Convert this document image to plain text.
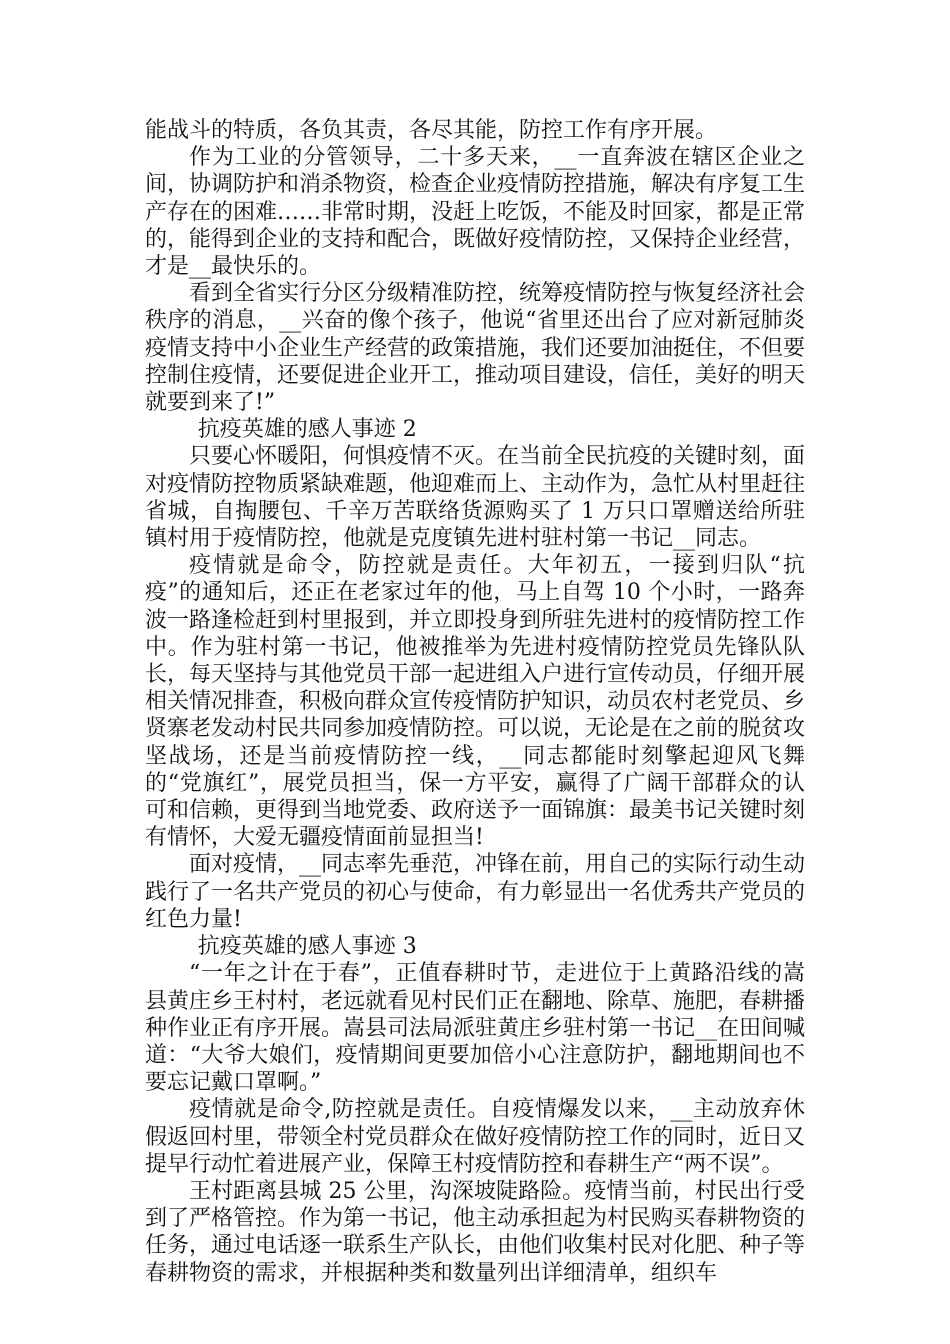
能战斗的特质，各负其责，各尽其能，防控工作有序开展。

作为工业的分管领导，二十多天来，__一直奔波在辖区企业之间，协调防护和消杀物资，检查企业疫情防控措施，解决有序复工生产存在的困难……非常时期，没赶上吃饭，不能及时回家，都是正常的，能得到企业的支持和配合，既做好疫情防控，又保持企业经营，才是__最快乐的。

看到全省实行分区分级精准防控，统筹疫情防控与恢复经济社会秩序的消息，__兴奋的像个孩子，他说“省里还出台了应对新冠肺炎疫情支持中小企业生产经营的政策措施，我们还要加油挺住，不但要控制住疫情，还要促进企业开工，推动项目建设，信任，美好的明天就要到来了!”

抗疫英雄的感人事迹 2

只要心怀暖阳，何惧疫情不灭。在当前全民抗疫的关键时刻，面对疫情防控物质紧缺难题，他迎难而上、主动作为，急忙从村里赶往省城，自掏腰包、千辛万苦联络货源购买了 1 万只口罩赠送给所驻镇村用于疫情防控，他就是克度镇先进村驻村第一书记__同志。

疫情就是命令，防控就是责任。大年初五，一接到归队“抗疫”的通知后，还正在老家过年的他，马上自驾 10 个小时，一路奔波一路逢检赶到村里报到，并立即投身到所驻先进村的疫情防控工作中。作为驻村第一书记，他被推举为先进村疫情防控党员先锋队队长，每天坚持与其他党员干部一起进组入户进行宣传动员，仔细开展相关情况排查，积极向群众宣传疫情防护知识，动员农村老党员、乡贤寨老发动村民共同参加疫情防控。可以说，无论是在之前的脱贫攻坚战场，还是当前疫情防控一线，__同志都能时刻擎起迎风飞舞的“党旗红”，展党员担当，保一方平安，赢得了广阔干部群众的认可和信赖，更得到当地党委、政府送予一面锦旗：最美书记关键时刻有情怀，大爱无疆疫情面前显担当!

面对疫情，__同志率先垂范，冲锋在前，用自己的实际行动生动践行了一名共产党员的初心与使命，有力彰显出一名优秀共产党员的红色力量!

抗疫英雄的感人事迹 3

“一年之计在于春”，正值春耕时节，走进位于上黄路沿线的嵩县黄庄乡王村村，老远就看见村民们正在翻地、除草、施肥，春耕播种作业正有序开展。嵩县司法局派驻黄庄乡驻村第一书记__在田间喊道：“大爷大娘们，疫情期间更要加倍小心注意防护，翻地期间也不要忘记戴口罩啊。”

疫情就是命令,防控就是责任。自疫情爆发以来，__主动放弃休假返回村里，带领全村党员群众在做好疫情防控工作的同时，近日又提早行动忙着进展产业，保障王村疫情防控和春耕生产“两不误”。

王村距离县城 25 公里，沟深坡陡路险。疫情当前，村民出行受到了严格管控。作为第一书记，他主动承担起为村民购买春耕物资的任务，通过电话逐一联系生产队长，由他们收集村民对化肥、种子等春耕物资的需求，并根据种类和数量列出详细清单，组织车
